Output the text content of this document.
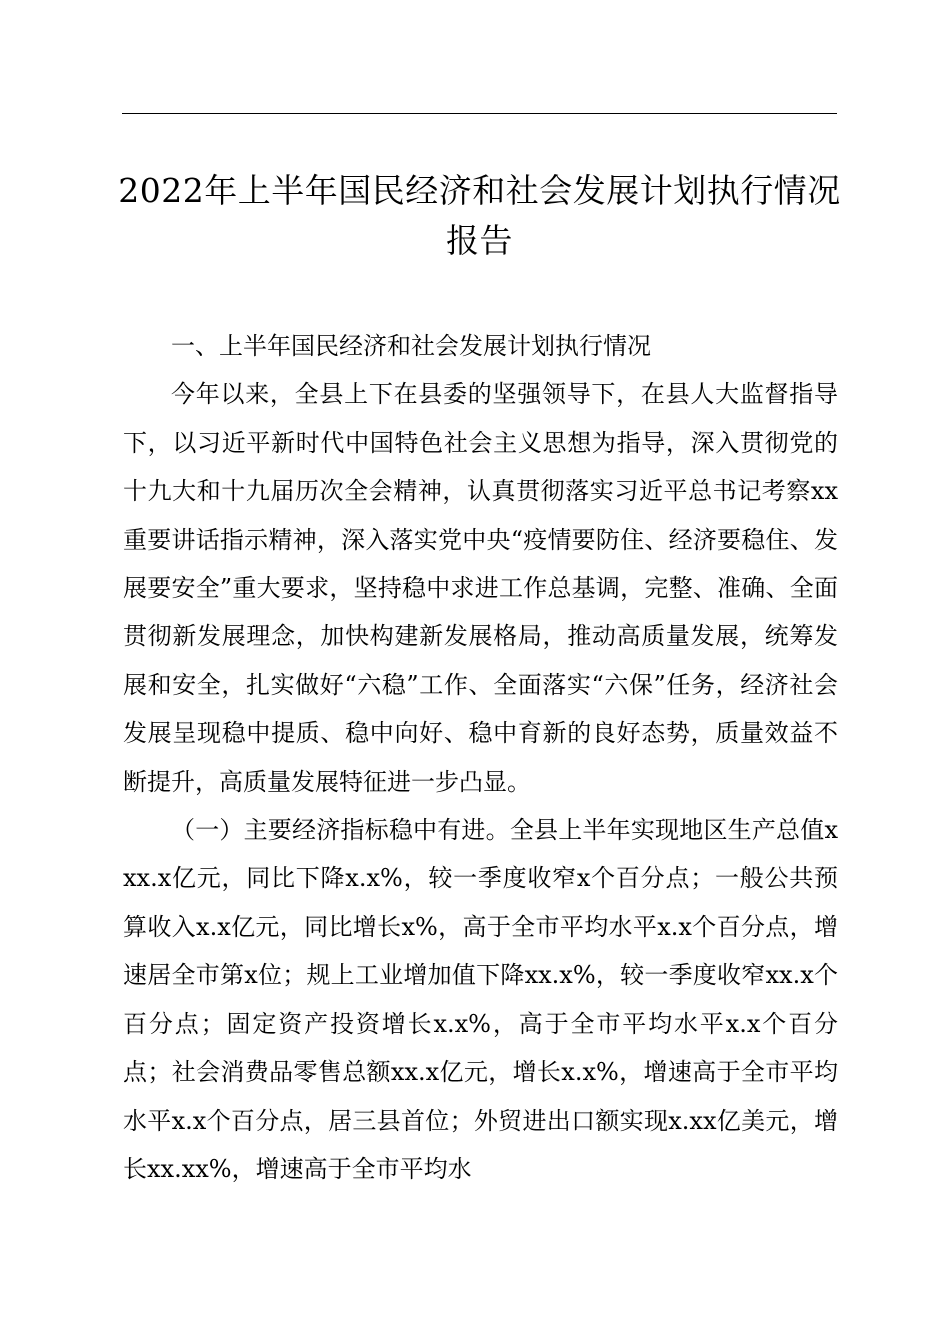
2022年上半年国民经济和社会发展计划执行情况报告

一、上半年国民经济和社会发展计划执行情况

今年以来，全县上下在县委的坚强领导下，在县人大监督指导下，以习近平新时代中国特色社会主义思想为指导，深入贯彻党的十九大和十九届历次全会精神，认真贯彻落实习近平总书记考察xx重要讲话指示精神，深入落实党中央“疫情要防住、经济要稳住、发展要安全”重大要求，坚持稳中求进工作总基调，完整、准确、全面贯彻新发展理念，加快构建新发展格局，推动高质量发展，统筹发展和安全，扎实做好“六稳”工作、全面落实“六保”任务，经济社会发展呈现稳中提质、稳中向好、稳中育新的良好态势，质量效益不断提升，高质量发展特征进一步凸显。

（一）主要经济指标稳中有进。全县上半年实现地区生产总值xxx.x亿元，同比下降x.x%，较一季度收窄x个百分点；一般公共预算收入x.x亿元，同比增长x%，高于全市平均水平x.x个百分点，增速居全市第x位；规上工业增加值下降xx.x%，较一季度收窄xx.x个百分点；固定资产投资增长x.x%，高于全市平均水平x.x个百分点；社会消费品零售总额xx.x亿元，增长x.x%，增速高于全市平均水平x.x个百分点，居三县首位；外贸进出口额实现x.xx亿美元，增长xx.xx%，增速高于全市平均水
